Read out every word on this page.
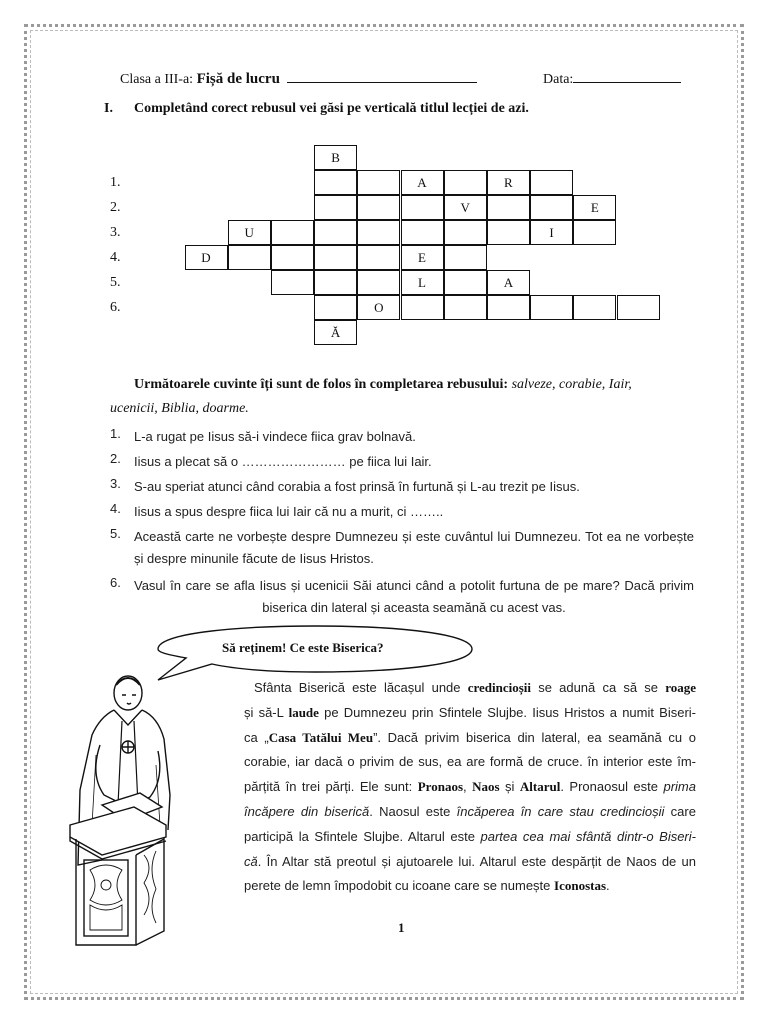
Clasa a III-a: Fișă de lucru	Data:
I. Completând corect rebusul vei găsi pe verticală titlul lecției de azi.
1.
2.
3.
4.
5.
6.
B
A	R
V	E
U	I
D	E
L	A
O
Ă
Următoarele cuvinte îți sunt de folos în completarea rebusului: salveze, corabie, Iair,
ucenicii, Biblia, doarme.
1. L-a rugat pe Iisus să-i vindece fiica grav bolnavă.
2. Iisus a plecat să o …………………… pe fiica lui Iair.
3. S-au speriat atunci când corabia a fost prinsă în furtună și L-au trezit pe Iisus.
4. Iisus a spus despre fiica lui Iair că nu a murit, ci ……..
5. Această carte ne vorbește despre Dumnezeu și este cuvântul lui Dumnezeu. Tot ea ne vorbește și despre minunile făcute de Iisus Hristos.
6. Vasul în care se afla Iisus și ucenicii Săi atunci când a potolit furtuna de pe mare? Dacă privim biserica din lateral și aceasta seamănă cu acest vas.
Să reținem! Ce este Biserica?
Sfânta Biserică este lăcașul unde credincioșii se adună ca să se roage
și să-L laude pe Dumnezeu prin Sfintele Slujbe. Iisus Hristos a numit Biseri-
ca „Casa Tatălui Meu”. Dacă privim biserica din lateral, ea seamănă cu o
corabie, iar dacă o privim de sus, ea are formă de cruce. în interior este îm-
părțită în trei părți. Ele sunt: Pronaos, Naos și Altarul. Pronaosul este prima
încăpere din biserică. Naosul este încăperea în care stau credincioșii care
participă la Sfintele Slujbe. Altarul este partea cea mai sfântă dintr-o Biseri-
că. În Altar stă preotul și ajutoarele lui. Altarul este despărțit de Naos de un
perete de lemn împodobit cu icoane care se numește Iconostas.
1
